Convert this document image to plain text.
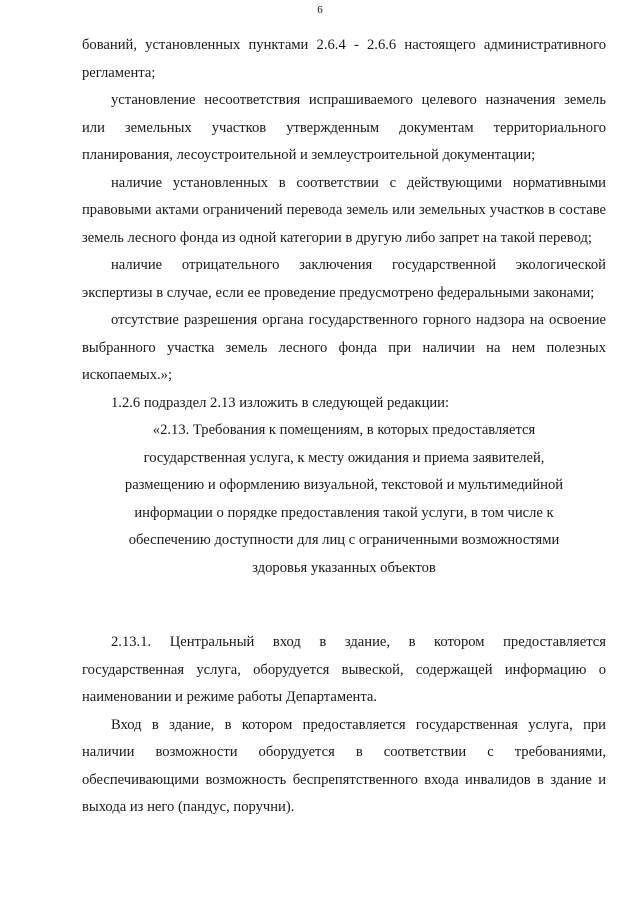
6

бований, установленных пунктами 2.6.4 - 2.6.6 настоящего административного регламента;

установление несоответствия испрашиваемого целевого назначения земель или земельных участков утвержденным документам территориального планирования, лесоустроительной и землеустроительной документации;

наличие установленных в соответствии с действующими нормативными правовыми актами ограничений перевода земель или земельных участков в составе земель лесного фонда из одной категории в другую либо запрет на такой перевод;

наличие отрицательного заключения государственной экологической экспертизы в случае, если ее проведение предусмотрено федеральными законами;

отсутствие разрешения органа государственного горного надзора на освоение выбранного участка земель лесного фонда при наличии на нем полезных ископаемых.»;

1.2.6 подраздел 2.13 изложить в следующей редакции:

«2.13. Требования к помещениям, в которых предоставляется государственная услуга, к месту ожидания и приема заявителей, размещению и оформлению визуальной, текстовой и мультимедийной информации о порядке предоставления такой услуги, в том числе к обеспечению доступности для лиц с ограниченными возможностями здоровья указанных объектов

2.13.1. Центральный вход в здание, в котором предоставляется государственная услуга, оборудуется вывеской, содержащей информацию о наименовании и режиме работы Департамента.

Вход в здание, в котором предоставляется государственная услуга, при наличии возможности оборудуется в соответствии с требованиями, обеспечивающими возможность беспрепятственного входа инвалидов в здание и выхода из него (пандус, поручни).
